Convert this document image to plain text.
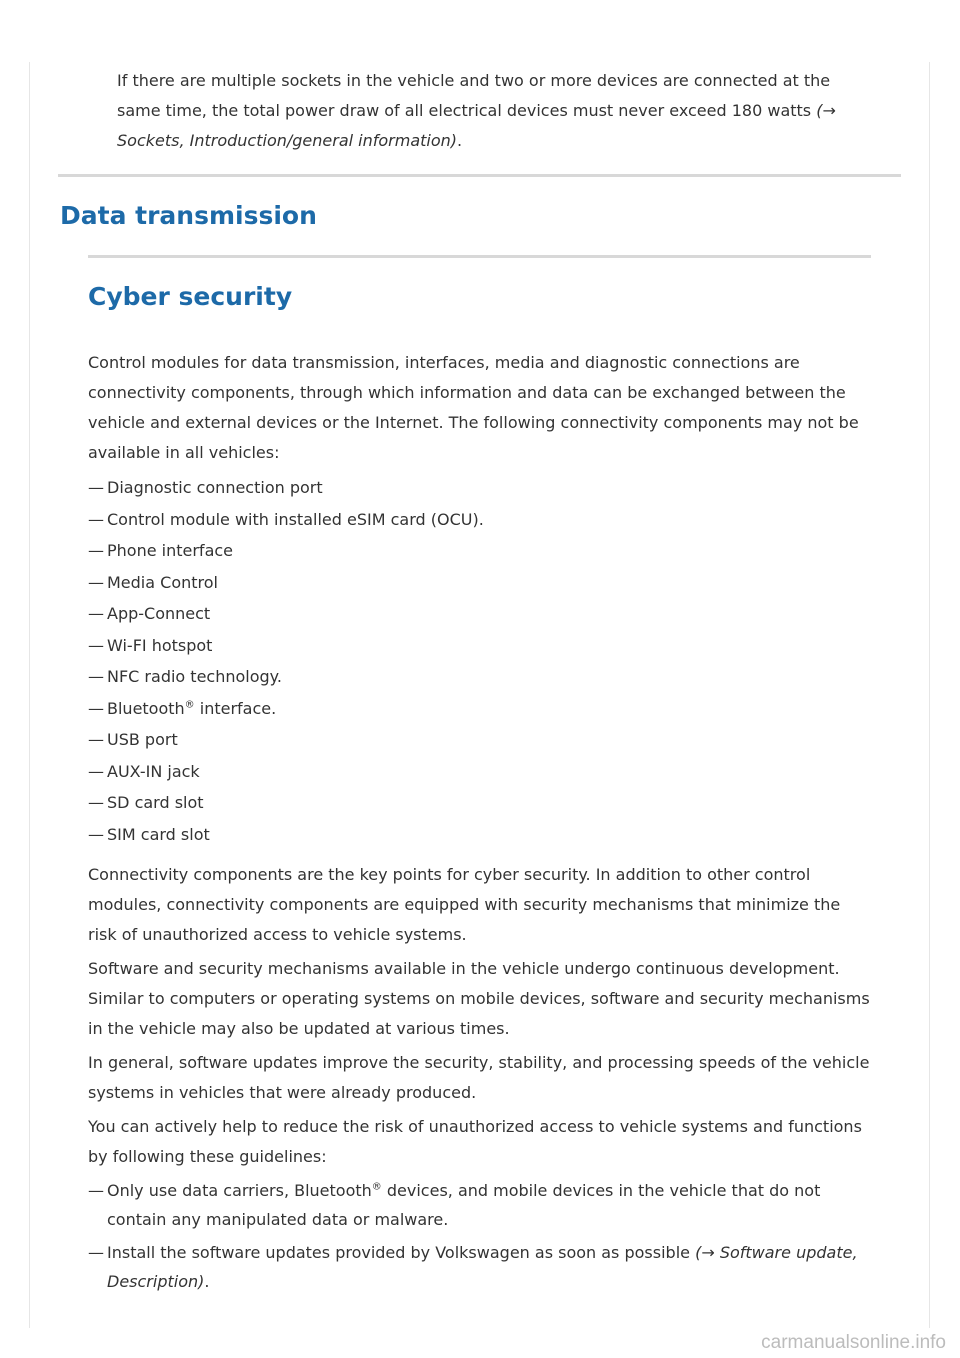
If there are multiple sockets in the vehicle and two or more devices are connected at the same time, the total power draw of all electrical devices must never exceed 180 watts (→ Sockets, Introduction/general information).

Data transmission
Cyber security

Control modules for data transmission, interfaces, media and diagnostic connections are connectivity components, through which information and data can be exchanged between the vehicle and external devices or the Internet. The following connectivity components may not be available in all vehicles:

— Diagnostic connection port
— Control module with installed eSIM card (OCU).
— Phone interface
— Media Control
— App-Connect
— Wi-FI hotspot
— NFC radio technology.
— Bluetooth® interface.
— USB port
— AUX-IN jack
— SD card slot
— SIM card slot

Connectivity components are the key points for cyber security. In addition to other control modules, connectivity components are equipped with security mechanisms that minimize the risk of unauthorized access to vehicle systems.

Software and security mechanisms available in the vehicle undergo continuous development. Similar to computers or operating systems on mobile devices, software and security mechanisms in the vehicle may also be updated at various times.

In general, software updates improve the security, stability, and processing speeds of the vehicle systems in vehicles that were already produced.

You can actively help to reduce the risk of unauthorized access to vehicle systems and functions by following these guidelines:

— Only use data carriers, Bluetooth® devices, and mobile devices in the vehicle that do not contain any manipulated data or malware.
— Install the software updates provided by Volkswagen as soon as possible (→ Software update, Description).
carmanualsonline.info
